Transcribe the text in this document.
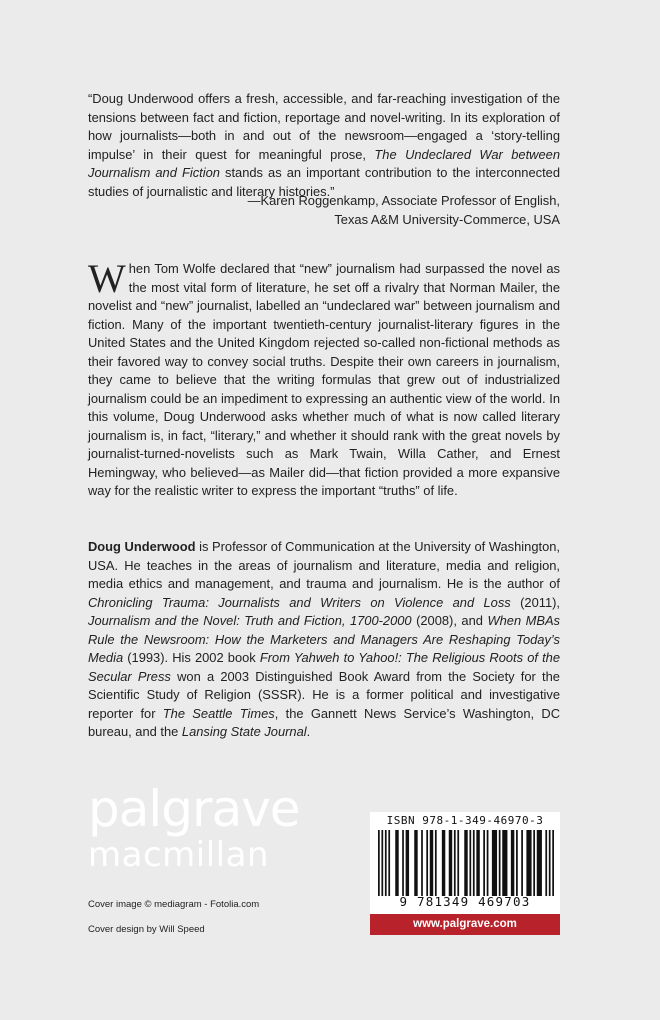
“Doug Underwood offers a fresh, accessible, and far-reaching investigation of the tensions between fact and fiction, reportage and novel-writing. In its exploration of how journalists—both in and out of the newsroom—engaged a ‘story-telling impulse’ in their quest for meaningful prose, The Undeclared War between Journalism and Fiction stands as an important contribution to the interconnected studies of journalistic and literary histories.”
—Karen Roggenkamp, Associate Professor of English,
Texas A&M University-Commerce, USA
When Tom Wolfe declared that “new” journalism had surpassed the novel as the most vital form of literature, he set off a rivalry that Norman Mailer, the novelist and “new” journalist, labelled an “undeclared war” between journalism and fiction. Many of the important twentieth-century journalist-literary figures in the United States and the United Kingdom rejected so-called non-fictional methods as their favored way to convey social truths. Despite their own careers in journalism, they came to believe that the writing formulas that grew out of industrialized journalism could be an impediment to expressing an authentic view of the world. In this volume, Doug Underwood asks whether much of what is now called literary journalism is, in fact, “literary,” and whether it should rank with the great novels by journalist-turned-novelists such as Mark Twain, Willa Cather, and Ernest Hemingway, who believed—as Mailer did—that fiction provided a more expansive way for the realistic writer to express the important “truths” of life.
Doug Underwood is Professor of Communication at the University of Washington, USA. He teaches in the areas of journalism and literature, media and religion, media ethics and management, and trauma and journalism. He is the author of Chronicling Trauma: Journalists and Writers on Violence and Loss (2011), Journalism and the Novel: Truth and Fiction, 1700-2000 (2008), and When MBAs Rule the Newsroom: How the Marketers and Managers Are Reshaping Today’s Media (1993). His 2002 book From Yahweh to Yahoo!: The Religious Roots of the Secular Press won a 2003 Distinguished Book Award from the Society for the Scientific Study of Religion (SSSR). He is a former political and investigative reporter for The Seattle Times, the Gannett News Service’s Washington, DC bureau, and the Lansing State Journal.
palgrave
macmillan
Cover image © mediagram - Fotolia.com
Cover design by Will Speed
ISBN 978-1-349-46970-3
9 781349 469703
www.palgrave.com
